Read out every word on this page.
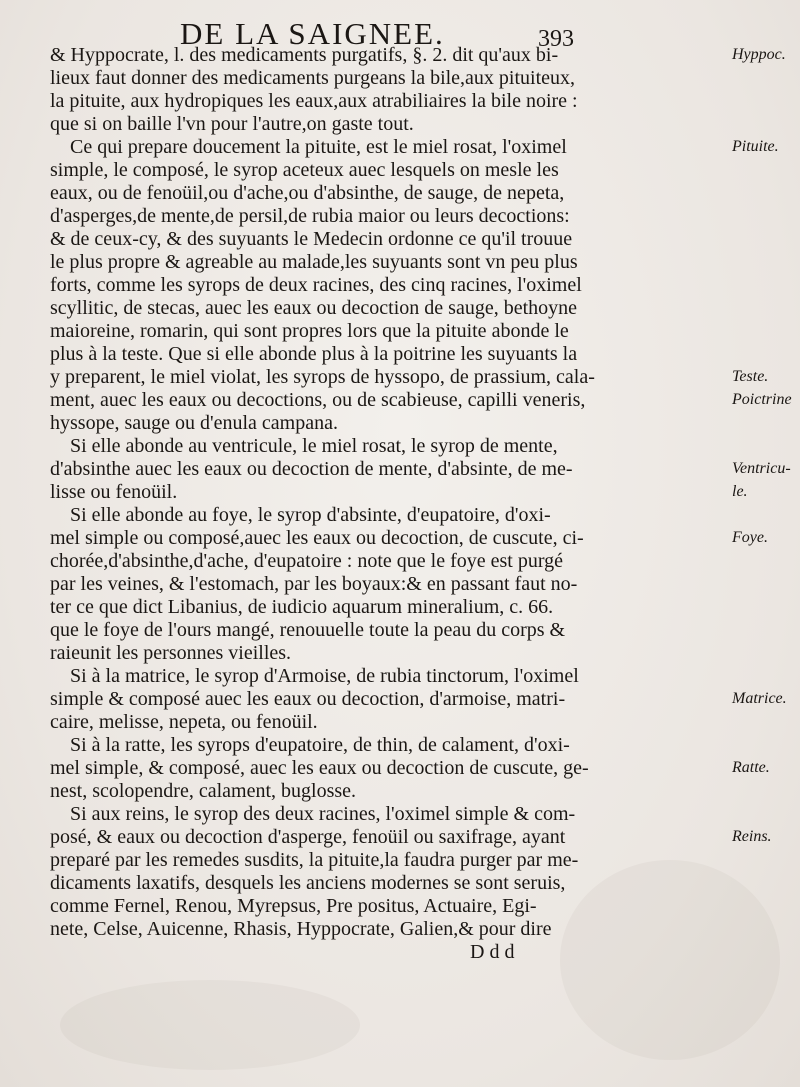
DE LA SAIGNEE.	393
& Hyppocrate, l. des medicaments purgatifs, §. 2. dit qu'aux bi-
lieux faut donner des medicaments purgeans la bile,aux pituiteux,
la pituite, aux hydropiques les eaux,aux atrabiliaires la bile noire :
que si on baille l'vn pour l'autre,on gaste tout.
Ce qui prepare doucement la pituite, est le miel rosat, l'oximel
simple, le composé, le syrop aceteux auec lesquels on mesle les
eaux, ou de fenoüil,ou d'ache,ou d'absinthe, de sauge, de nepeta,
d'asperges,de mente,de persil,de rubia maior ou leurs decoctions:
& de ceux-cy, & des suyuants le Medecin ordonne ce qu'il trouue
le plus propre & agreable au malade,les suyuants sont vn peu plus
forts, comme les syrops de deux racines, des cinq racines, l'oximel
scyllitic, de stecas, auec les eaux ou decoction de sauge, bethoyne
maioreine, romarin, qui sont propres lors que la pituite abonde le
plus à la teste. Que si elle abonde plus à la poitrine les suyuants la
y preparent, le miel violat, les syrops de hyssopo, de prassium, cala-
ment, auec les eaux ou decoctions, ou de scabieuse, capilli veneris,
hyssope, sauge ou d'enula campana.
Si elle abonde au ventricule, le miel rosat, le syrop de mente,
d'absinthe auec les eaux ou decoction de mente, d'absinte, de me-
lisse ou fenoüil.
Si elle abonde au foye, le syrop d'absinte, d'eupatoire, d'oxi-
mel simple ou composé,auec les eaux ou decoction, de cuscute, ci-
chorée,d'absinthe,d'ache, d'eupatoire : note que le foye est purgé
par les veines, & l'estomach, par les boyaux:& en passant faut no-
ter ce que dict Libanius, de iudicio aquarum mineralium, c. 66.
que le foye de l'ours mangé, renouuelle toute la peau du corps &
raieunit les personnes vieilles.
Si à la matrice, le syrop d'Armoise, de rubia tinctorum, l'oximel
simple & composé auec les eaux ou decoction, d'armoise, matri-
caire, melisse, nepeta, ou fenoüil.
Si à la ratte, les syrops d'eupatoire, de thin, de calament, d'oxi-
mel simple, & composé, auec les eaux ou decoction de cuscute, ge-
nest, scolopendre, calament, buglosse.
Si aux reins, le syrop des deux racines, l'oximel simple & com-
posé, & eaux ou decoction d'asperge, fenoüil ou saxifrage, ayant
preparé par les remedes susdits, la pituite,la faudra purger par me-
dicaments laxatifs, desquels les anciens modernes se sont seruis,
comme Fernel, Renou, Myrepsus, Pre positus, Actuaire, Egi-
nete, Celse, Auicenne, Rhasis, Hyppocrate, Galien,& pour dire
D d d
Hyppoc.
Pituite.
Teste.
Poictrine
Ventricu-
le.
Foye.
Matrice.
Ratte.
Reins.
